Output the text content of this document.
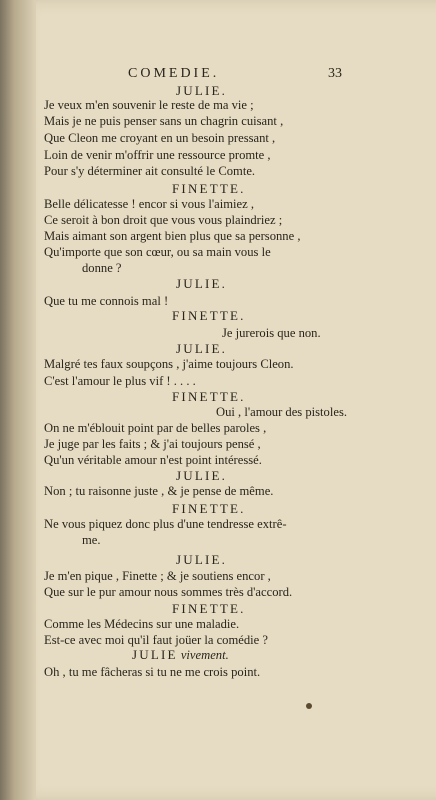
COMEDIE.	33
JULIE.
Je veux m'en souvenir le reste de ma vie ;
Mais je ne puis penser sans un chagrin cuisant ,
Que Cleon me croyant en un besoin pressant ,
Loin de venir m'offrir une ressource promte ,
Pour s'y déterminer ait consulté le Comte.
FINETTE.
Belle délicatesse ! encor si vous l'aimiez ,
Ce seroit à bon droit que vous vous plaindriez ;
Mais aimant son argent bien plus que sa personne ,
Qu'importe que son cœur, ou sa main vous le
donne ?
JULIE.
Que tu me connois mal !
FINETTE.
Je jurerois que non.
JULIE.
Malgré tes faux soupçons , j'aime toujours Cleon.
C'est l'amour le plus vif ! . . . .
FINETTE.
Oui , l'amour des pistoles.
On ne m'éblouit point par de belles paroles ,
Je juge par les faits ; & j'ai toujours pensé ,
Qu'un véritable amour n'est point intéressé.
JULIE.
Non ; tu raisonne juste , & je pense de même.
FINETTE.
Ne vous piquez donc plus d'une tendresse extrê-
me.
JULIE.
Je m'en pique , Finette ; & je soutiens encor ,
Que sur le pur amour nous sommes très d'accord.
FINETTE.
Comme les Médecins sur une maladie.
Est-ce avec moi qu'il faut joüer la comédie ?
JULIE vivement.
Oh , tu me fâcheras si tu ne me crois point.
